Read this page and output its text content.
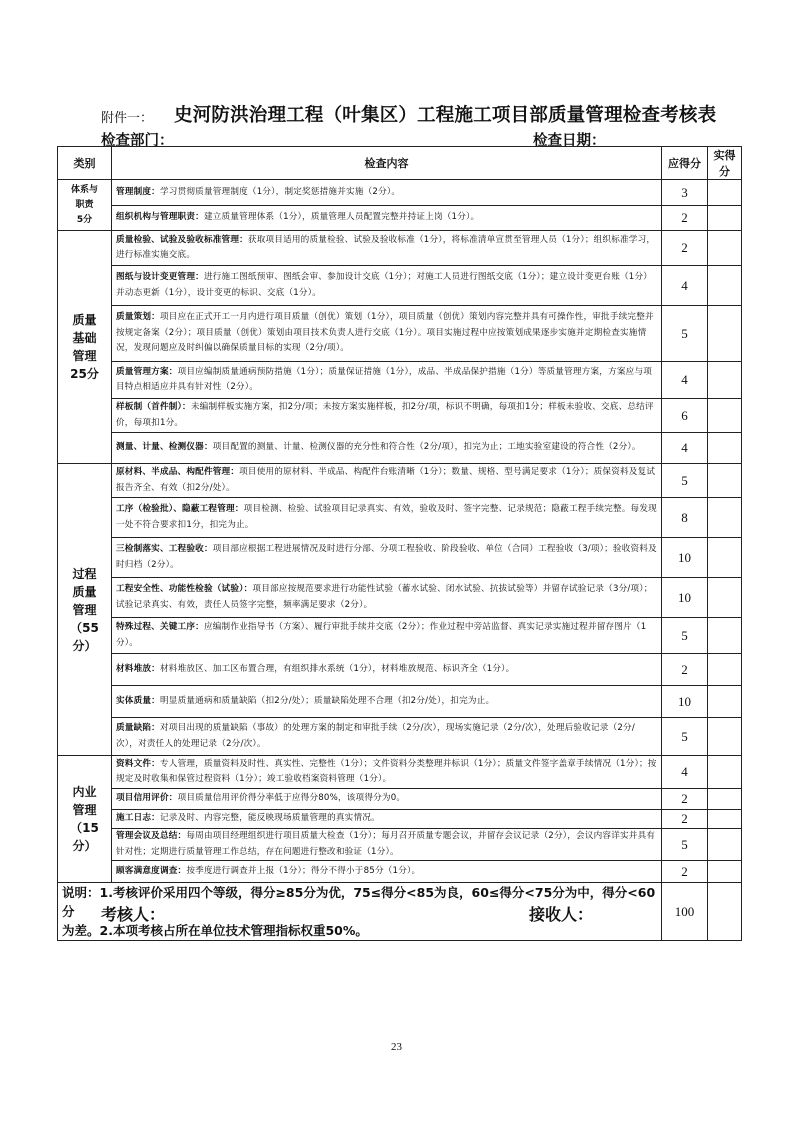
附件一： 史河防洪治理工程（叶集区）工程施工项目部质量管理检查考核表
检查部门：	检查日期：
类别	检查内容	应得分	实得分

体系与
职责
5分	管理制度：学习贯彻质量管理制度（1分），制定奖惩措施并实施（2分）。	3	
	组织机构与管理职责：建立质量管理体系（1分），质量管理人员配置完整并持证上岗（1分）。	2	

质量
基础
管理
25分	质量检验、试验及验收标准管理：获取项目适用的质量检验、试验及验收标准（1分），将标准清单宣贯至管理人员（1分）；组织标准学习，进行标准实施交底。	2	
	图纸与设计变更管理：进行施工图纸预审、图纸会审、参加设计交底（1分）；对施工人员进行图纸交底（1分）；建立设计变更台账（1分）并动态更新（1分），设计变更的标识、交底（1分）。	4	
	质量策划：项目应在正式开工一月内进行项目质量（创优）策划（1分），项目质量（创优）策划内容完整并具有可操作性，审批手续完整并按规定备案（2分）；项目质量（创优）策划由项目技术负责人进行交底（1分）。项目实施过程中应按策划成果逐步实施并定期检查实施情况，发现问题应及时纠偏以确保质量目标的实现（2分/项）。	5	
	质量管理方案：项目应编制质量通病预防措施（1分）；质量保证措施（1分），成品、半成品保护措施（1分）等质量管理方案，方案应与项目特点相适应并具有针对性（2分）。	4	
	样板制（首件制）：未编制样板实施方案，扣2分/项；未按方案实施样板，扣2分/项，标识不明确，每项扣1分；样板未验收、交底、总结评价，每项扣1分。	6	
	测量、计量、检测仪器：项目配置的测量、计量、检测仪器的充分性和符合性（2分/项），扣完为止；工地实验室建设的符合性（2分）。	4	

过程
质量
管理
（55
分）	原材料、半成品、构配件管理：项目使用的原材料、半成品、构配件台账清晰（1分）；数量、规格、型号满足要求（1分）；质保资料及复试报告齐全、有效（扣2分/处）。	5	
	工序（检验批）、隐蔽工程管理：项目检测、检验、试验项目记录真实、有效，验收及时、签字完整、记录规范；隐蔽工程手续完整。每发现一处不符合要求扣1分，扣完为止。	8	
	三检制落实、工程验收：项目部应根据工程进展情况及时进行分部、分项工程验收、阶段验收、单位（合同）工程验收（3/项）；验收资料及时归档（2分）。	10	
	工程安全性、功能性检验（试验）：项目部应按规范要求进行功能性试验（蓄水试验、闭水试验、抗拔试验等）并留存试验记录（3分/项）；试验记录真实、有效，责任人员签字完整，频率满足要求（2分）。	10	
	特殊过程、关键工序：应编制作业指导书（方案）、履行审批手续并交底（2分）；作业过程中旁站监督、真实记录实施过程并留存图片（1分）。	5	
	材料堆放：材料堆放区、加工区布置合理，有组织排水系统（1分），材料堆放规范、标识齐全（1分）。	2	
	实体质量：明显质量通病和质量缺陷（扣2分/处）；质量缺陷处理不合理（扣2分/处），扣完为止。	10	
	质量缺陷：对项目出现的质量缺陷（事故）的处理方案的制定和审批手续（2分/次），现场实施记录（2分/次），处理后验收记录（2分/次），对责任人的处理记录（2分/次）。	5	

内业
管理
（15
分）	资料文件：专人管理，质量资料及时性、真实性、完整性（1分）；文件资料分类整理并标识（1分）；质量文件签字盖章手续情况（1分）；按规定及时收集和保管过程资料（1分）；竣工验收档案资料管理（1分）。	4	
	项目信用评价：项目质量信用评价得分率低于应得分80%，该项得分为0。	2	
	施工日志：记录及时、内容完整，能反映现场质量管理的真实情况。	2	
	管理会议及总结：每周由项目经理组织进行项目质量大检查（1分）；每月召开质量专题会议，并留存会议记录（2分），会议内容详实并具有针对性；定期进行质量管理工作总结，存在问题进行整改和验证（1分）。	5	
	顾客满意度调查：按季度进行调查并上报（1分）；得分不得小于85分（1分）。	2	

说明：1.考核评价采用四个等级，得分≥85分为优，75≤得分<85为良，60≤得分<75分为中，得分<60分
为差。2.本项考核占所在单位技术管理指标权重50%。		100	
考核人：	接收人：
23
